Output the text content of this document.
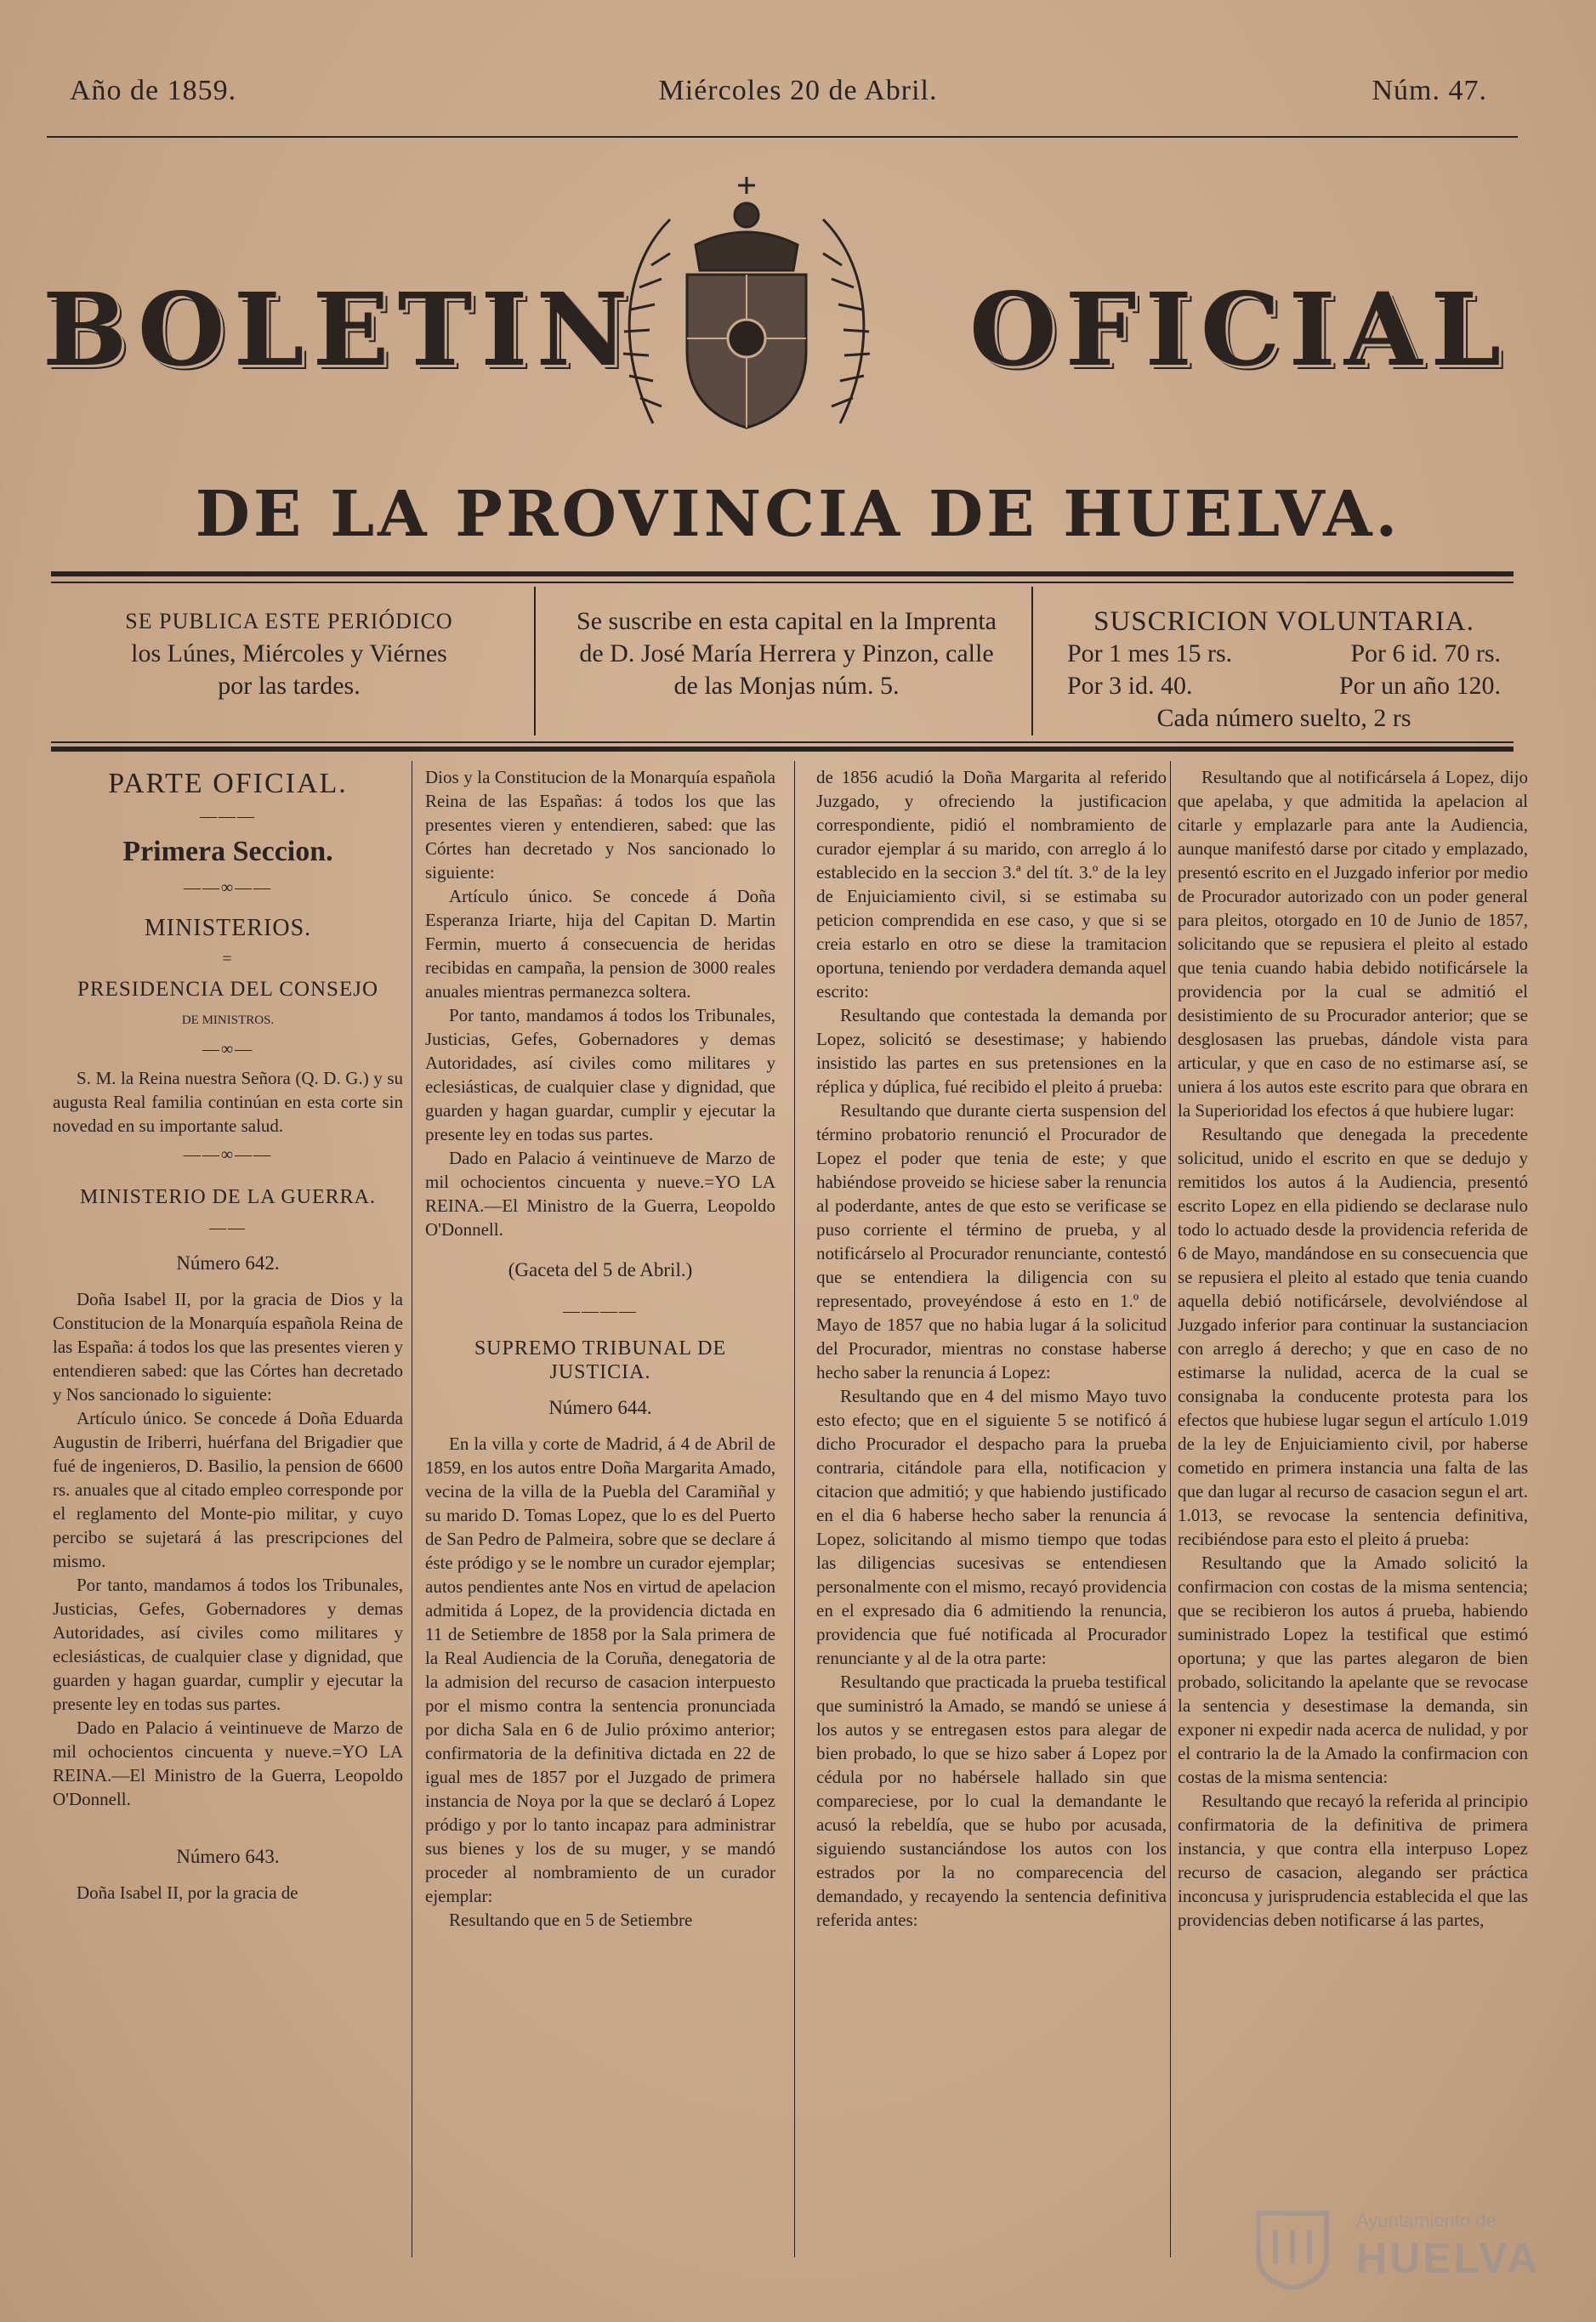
Año de 1859.	Miércoles 20 de Abril.	Núm. 47.
BOLETIN	OFICIAL
DE LA PROVINCIA DE HUELVA.
SE PUBLICA ESTE PERIÓDICO
los Lúnes, Miércoles y Viérnes
por las tardes.
Se suscribe en esta capital en la Imprenta
de D. José María Herrera y Pinzon, calle
de las Monjas núm. 5.
SUSCRICION VOLUNTARIA.
Por 1 mes 15 rs.	Por 6 id. 70 rs.
Por 3 id. 40.	Por un año 120.
Cada número suelto, 2 rs
PARTE OFICIAL.
———
Primera Seccion.
——∞——
MINISTERIOS.
=
PRESIDENCIA DEL CONSEJO
DE MINISTROS.
—∞—

S. M. la Reina nuestra Señora (Q. D. G.) y su augusta Real familia continúan en esta corte sin novedad en su importante salud.

——∞——
MINISTERIO DE LA GUERRA.
——
Número 642.

Doña Isabel II, por la gracia de Dios y la Constitucion de la Monarquía española Reina de las España: á todos los que las presentes vieren y entendieren sabed: que las Córtes han decretado y Nos sancionado lo siguiente:

Artículo único. Se concede á Doña Eduarda Augustin de Iriberri, huérfana del Brigadier que fué de ingenieros, D. Basilio, la pension de 6600 rs. anuales que al citado empleo corresponde por el reglamento del Monte-pio militar, y cuyo percibo se sujetará á las prescripciones del mismo.

Por tanto, mandamos á todos los Tribunales, Justicias, Gefes, Gobernadores y demas Autoridades, así civiles como militares y eclesiásticas, de cualquier clase y dignidad, que guarden y hagan guardar, cumplir y ejecutar la presente ley en todas sus partes.

Dado en Palacio á veintinueve de Marzo de mil ochocientos cincuenta y nueve.=YO LA REINA.—El Ministro de la Guerra, Leopoldo O'Donnell.

Número 643.

Doña Isabel II, por la gracia de

Dios y la Constitucion de la Monarquía española Reina de las Españas: á todos los que las presentes vieren y entendieren, sabed: que las Córtes han decretado y Nos sancionado lo siguiente:

Artículo único. Se concede á Doña Esperanza Iriarte, hija del Capitan D. Martin Fermin, muerto á consecuencia de heridas recibidas en campaña, la pension de 3000 reales anuales mientras permanezca soltera.

Por tanto, mandamos á todos los Tribunales, Justicias, Gefes, Gobernadores y demas Autoridades, así civiles como militares y eclesiásticas, de cualquier clase y dignidad, que guarden y hagan guardar, cumplir y ejecutar la presente ley en todas sus partes.

Dado en Palacio á veintinueve de Marzo de mil ochocientos cincuenta y nueve.=YO LA REINA.—El Ministro de la Guerra, Leopoldo O'Donnell.

(Gaceta del 5 de Abril.)
————
SUPREMO TRIBUNAL DE JUSTICIA.
Número 644.

En la villa y corte de Madrid, á 4 de Abril de 1859, en los autos entre Doña Margarita Amado, vecina de la villa de la Puebla del Caramiñal y su marido D. Tomas Lopez, que lo es del Puerto de San Pedro de Palmeira, sobre que se declare á éste pródigo y se le nombre un curador ejemplar; autos pendientes ante Nos en virtud de apelacion admitida á Lopez, de la providencia dictada en 11 de Setiembre de 1858 por la Sala primera de la Real Audiencia de la Coruña, denegatoria de la admision del recurso de casacion interpuesto por el mismo contra la sentencia pronunciada por dicha Sala en 6 de Julio próximo anterior; confirmatoria de la definitiva dictada en 22 de igual mes de 1857 por el Juzgado de primera instancia de Noya por la que se declaró á Lopez pródigo y por lo tanto incapaz para administrar sus bienes y los de su muger, y se mandó proceder al nombramiento de un curador ejemplar:

Resultando que en 5 de Setiembre

de 1856 acudió la Doña Margarita al referido Juzgado, y ofreciendo la justificacion correspondiente, pidió el nombramiento de curador ejemplar á su marido, con arreglo á lo establecido en la seccion 3.ª del tít. 3.º de la ley de Enjuiciamiento civil, si se estimaba su peticion comprendida en ese caso, y que si se creia estarlo en otro se diese la tramitacion oportuna, teniendo por verdadera demanda aquel escrito:

Resultando que contestada la demanda por Lopez, solicitó se desestimase; y habiendo insistido las partes en sus pretensiones en la réplica y dúplica, fué recibido el pleito á prueba:

Resultando que durante cierta suspension del término probatorio renunció el Procurador de Lopez el poder que tenia de este; y que habiéndose proveido se hiciese saber la renuncia al poderdante, antes de que esto se verificase se puso corriente el término de prueba, y al notificárselo al Procurador renunciante, contestó que se entendiera la diligencia con su representado, proveyéndose á esto en 1.º de Mayo de 1857 que no habia lugar á la solicitud del Procurador, mientras no constase haberse hecho saber la renuncia á Lopez:

Resultando que en 4 del mismo Mayo tuvo esto efecto; que en el siguiente 5 se notificó á dicho Procurador el despacho para la prueba contraria, citándole para ella, notificacion y citacion que admitió; y que habiendo justificado en el dia 6 haberse hecho saber la renuncia á Lopez, solicitando al mismo tiempo que todas las diligencias sucesivas se entendiesen personalmente con el mismo, recayó providencia en el expresado dia 6 admitiendo la renuncia, providencia que fué notificada al Procurador renunciante y al de la otra parte:

Resultando que practicada la prueba testifical que suministró la Amado, se mandó se uniese á los autos y se entregasen estos para alegar de bien probado, lo que se hizo saber á Lopez por cédula por no habérsele hallado sin que compareciese, por lo cual la demandante le acusó la rebeldía, que se hubo por acusada, siguiendo sustanciándose los autos con los estrados por la no comparecencia del demandado, y recayendo la sentencia definitiva referida antes:

Resultando que al notificársela á Lopez, dijo que apelaba, y que admitida la apelacion al citarle y emplazarle para ante la Audiencia, aunque manifestó darse por citado y emplazado, presentó escrito en el Juzgado inferior por medio de Procurador autorizado con un poder general para pleitos, otorgado en 10 de Junio de 1857, solicitando que se repusiera el pleito al estado que tenia cuando habia debido notificársele la providencia por la cual se admitió el desistimiento de su Procurador anterior; que se desglosasen las pruebas, dándole vista para articular, y que en caso de no estimarse así, se uniera á los autos este escrito para que obrara en la Superioridad los efectos á que hubiere lugar:

Resultando que denegada la precedente solicitud, unido el escrito en que se dedujo y remitidos los autos á la Audiencia, presentó escrito Lopez en ella pidiendo se declarase nulo todo lo actuado desde la providencia referida de 6 de Mayo, mandándose en su consecuencia que se repusiera el pleito al estado que tenia cuando aquella debió notificársele, devolviéndose al Juzgado inferior para continuar la sustanciacion con arreglo á derecho; y que en caso de no estimarse la nulidad, acerca de la cual se consignaba la conducente protesta para los efectos que hubiese lugar segun el artículo 1.019 de la ley de Enjuiciamiento civil, por haberse cometido en primera instancia una falta de las que dan lugar al recurso de casacion segun el art. 1.013, se revocase la sentencia definitiva, recibiéndose para esto el pleito á prueba:

Resultando que la Amado solicitó la confirmacion con costas de la misma sentencia; que se recibieron los autos á prueba, habiendo suministrado Lopez la testifical que estimó oportuna; y que las partes alegaron de bien probado, solicitando la apelante que se revocase la sentencia y desestimase la demanda, sin exponer ni expedir nada acerca de nulidad, y por el contrario la de la Amado la confirmacion con costas de la misma sentencia:

Resultando que recayó la referida al principio confirmatoria de la definitiva de primera instancia, y que contra ella interpuso Lopez recurso de casacion, alegando ser práctica inconcusa y jurisprudencia establecida el que las providencias deben notificarse á las partes,

Ayuntamiento de
HUELVA
